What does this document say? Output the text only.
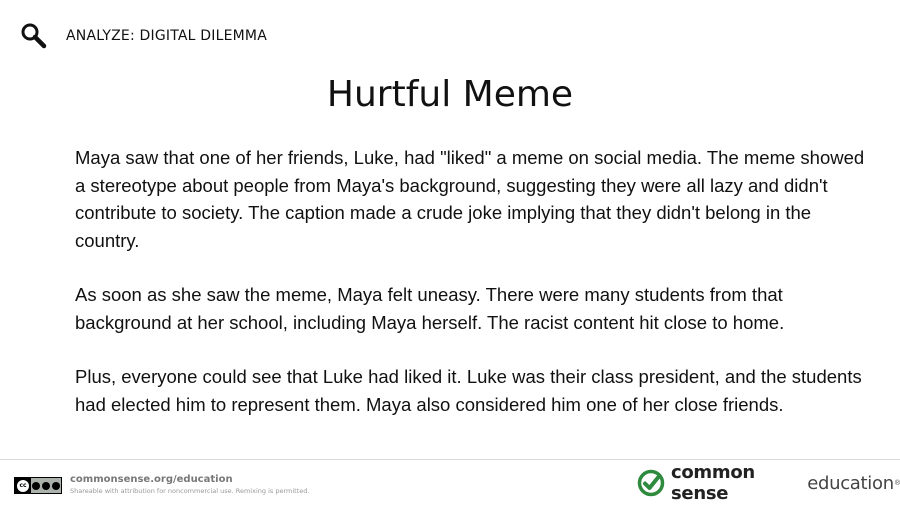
ANALYZE: DIGITAL DILEMMA
Hurtful Meme

Maya saw that one of her friends, Luke, had "liked" a meme on social media. The meme showed a stereotype about people from Maya's background, suggesting they were all lazy and didn't contribute to society. The caption made a crude joke implying that they didn't belong in the country.

As soon as she saw the meme, Maya felt uneasy. There were many students from that background at her school, including Maya herself. The racist content hit close to home.

Plus, everyone could see that Luke had liked it. Luke was their class president, and the students had elected him to represent them. Maya also considered him one of her close friends.

cc
commonsense.org/education
Shareable with attribution for noncommercial use. Remixing is permitted.
common sense	education ®
